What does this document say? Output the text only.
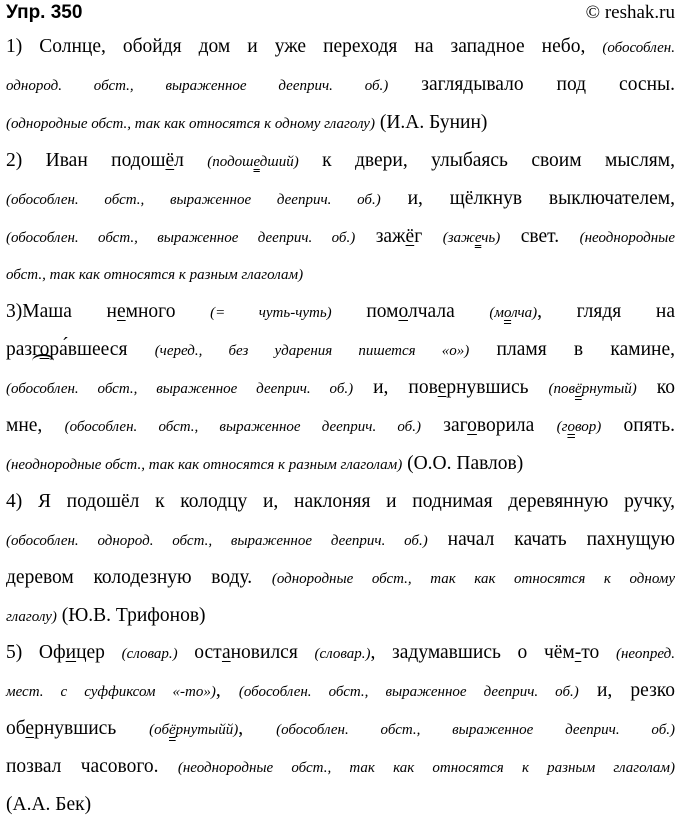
Упр. 350	© reshak.ru
1) Солнце, обойдя дом и уже переходя на западное небо, (обособлен.
однород. обст., выраженное дееприч. об.) заглядывало под сосны.
(однородные обст., так как относятся к одному глаголу) (И.А. Бунин)
2) Иван подошёл (подошедший) к двери, улыбаясь своим мыслям,
(обособлен. обст., выраженное дееприч. об.) и, щёлкнув выключателем,
(обособлен. обст., выраженное дееприч. об.) зажёг (зажечь) свет. (неоднородные
обст., так как относятся к разным глаголам)
3)Маша немного (= чуть-чуть) помолчала (молча), глядя на
разгора́вшееся (черед., без ударения пишется «о») пламя в камине,
(обособлен. обст., выраженное дееприч. об.) и, повернувшись (повёрнутый) ко
мне, (обособлен. обст., выраженное дееприч. об.) заговорила (говор) опять.
(неоднородные обст., так как относятся к разным глаголам) (О.О. Павлов)
4) Я подошёл к колодцу и, наклоняя и поднимая деревянную ручку,
(обособлен. однород. обст., выраженное дееприч. об.) начал качать пахнущую
деревом колодезную воду. (однородные обст., так как относятся к одному
глаголу) (Ю.В. Трифонов)
5) Офицер (словар.) остановился (словар.), задумавшись о чём-то (неопред.
мест. с суффиксом «-то»), (обособлен. обст., выраженное дееприч. об.) и, резко
обернувшись (обёрнутыйй), (обособлен. обст., выраженное дееприч. об.)
позвал часового. (неоднородные обст., так как относятся к разным глаголам)
(А.А. Бек)
